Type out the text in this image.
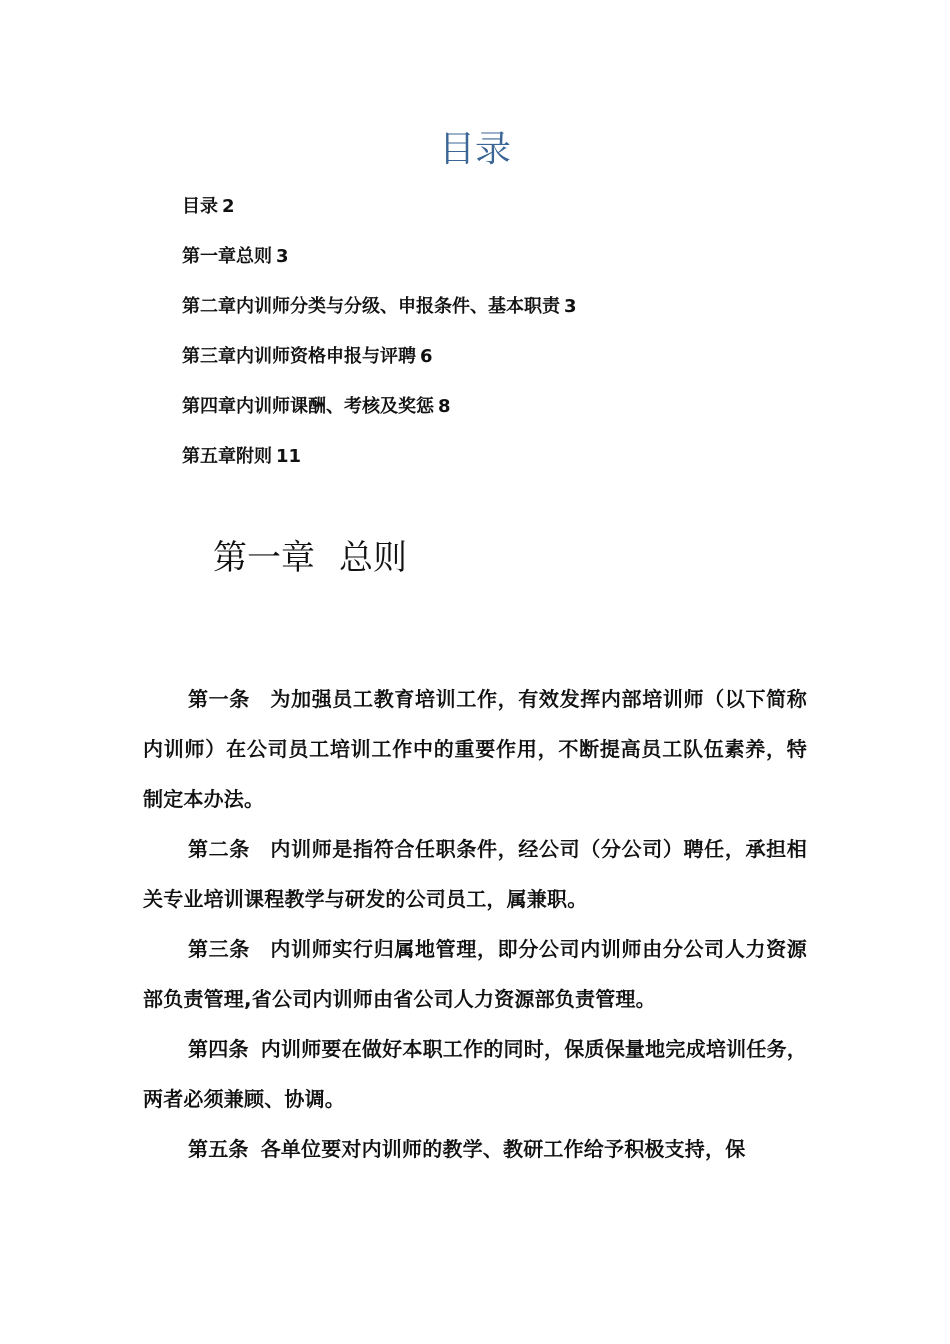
目录
目录 2
第一章总则 3
第二章内训师分类与分级、申报条件、基本职责 3
第三章内训师资格申报与评聘 6
第四章内训师课酬、考核及奖惩 8
第五章附则 11
第一章 总则

第一条 为加强员工教育培训工作，有效发挥内部培训师（以下简称内训师）在公司员工培训工作中的重要作用，不断提高员工队伍素养，特制定本办法。

第二条 内训师是指符合任职条件，经公司（分公司）聘任，承担相关专业培训课程教学与研发的公司员工，属兼职。

第三条 内训师实行归属地管理，即分公司内训师由分公司人力资源部负责管理,省公司内训师由省公司人力资源部负责管理。

第四条 内训师要在做好本职工作的同时，保质保量地完成培训任务，两者必须兼顾、协调。

第五条 各单位要对内训师的教学、教研工作给予积极支持，保
